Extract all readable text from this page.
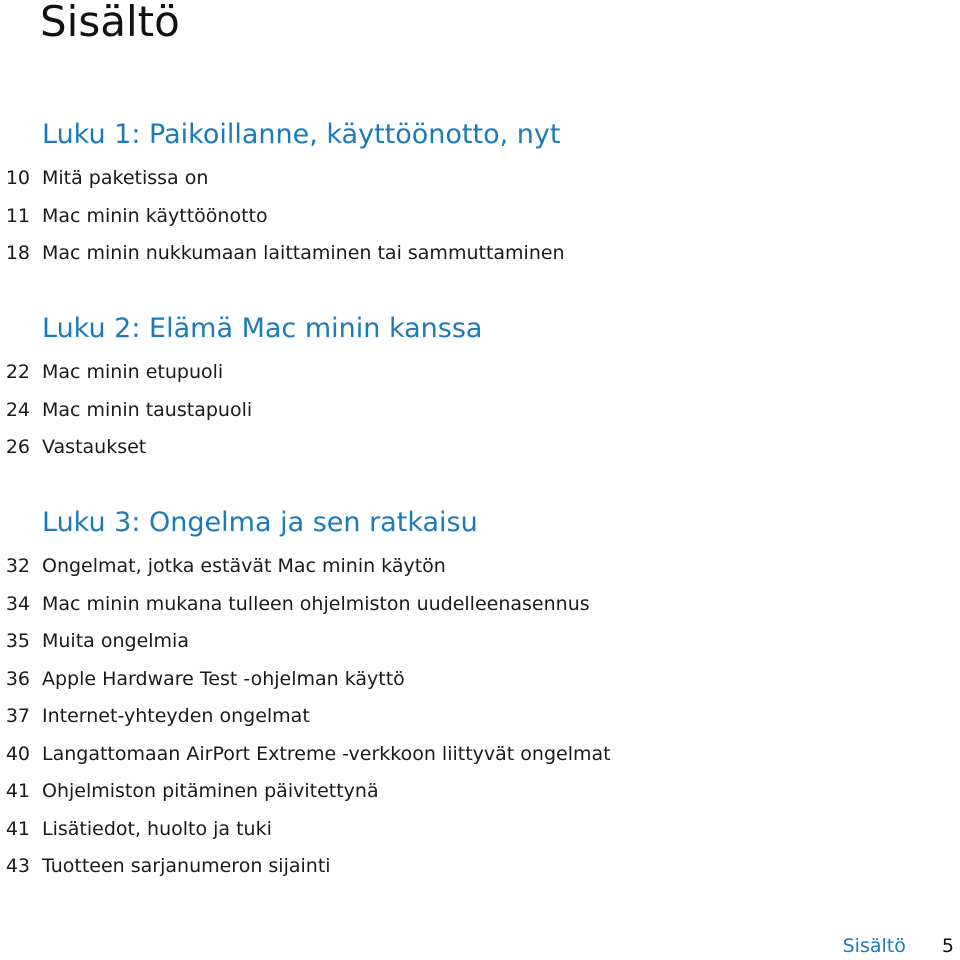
Sisältö
Luku 1: Paikoillanne, käyttöönotto, nyt
10 Mitä paketissa on
11 Mac minin käyttöönotto
18 Mac minin nukkumaan laittaminen tai sammuttaminen
Luku 2: Elämä Mac minin kanssa
22 Mac minin etupuoli
24 Mac minin taustapuoli
26 Vastaukset
Luku 3: Ongelma ja sen ratkaisu
32 Ongelmat, jotka estävät Mac minin käytön
34 Mac minin mukana tulleen ohjelmiston uudelleenasennus
35 Muita ongelmia
36 Apple Hardware Test -ohjelman käyttö
37 Internet-yhteyden ongelmat
40 Langattomaan AirPort Extreme -verkkoon liittyvät ongelmat
41 Ohjelmiston pitäminen päivitettynä
41 Lisätiedot, huolto ja tuki
43 Tuotteen sarjanumeron sijainti
Sisältö 5
